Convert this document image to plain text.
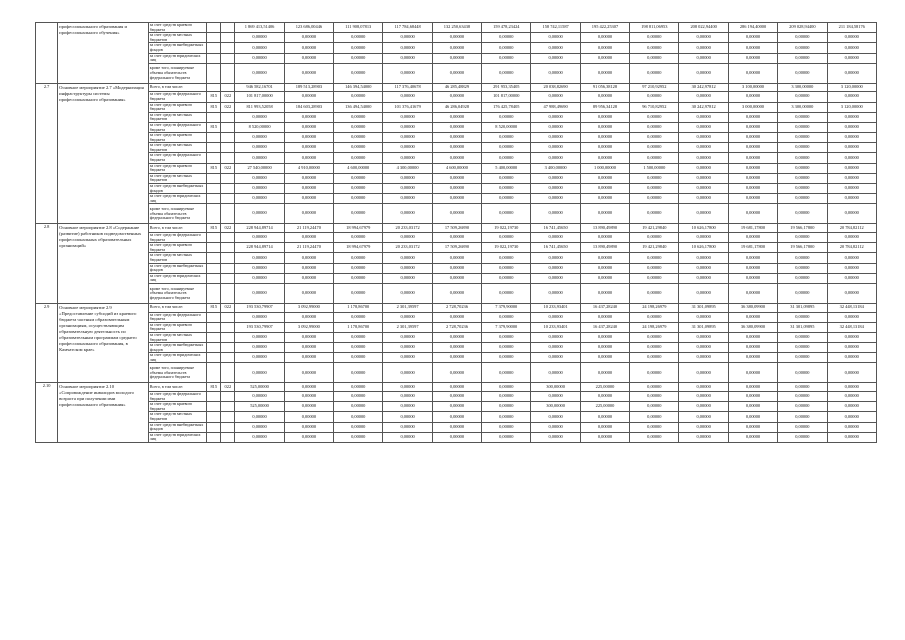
	профессионального образования и профессионального обучения»	за счет средств краевого бюджета			1 869 413,51406	123 686,00446	111 908,07813	117 784,68448	132 250,63438	159 478,23424	158 742,11587	195 422,25307	198 811,06953	208 022,94400	286 194,40000	209 028,94400	211 184,58176
		за счет средств местных бюджетов			0,00000	0,00000	0,00000	0,00000	0,00000	0,00000	0,00000	0,00000	0,00000	0,00000	0,00000	0,00000	0,00000
		за счет средств внебюджетных фондов			0,00000	0,00000	0,00000	0,00000	0,00000	0,00000	0,00000	0,00000	0,00000	0,00000	0,00000	0,00000	0,00000
		за счет средств юридических лиц			0,00000	0,00000	0,00000	0,00000	0,00000	0,00000	0,00000	0,00000	0,00000	0,00000	0,00000	0,00000	0,00000
		кроме того, планируемые объемы обязательств федерального бюджета			0,00000	0,00000	0,00000	0,00000	0,00000	0,00000	0,00000	0,00000	0,00000	0,00000	0,00000	0,00000	0,00000
2.7	Основное мероприятие 2.7 «Модернизация инфраструктуры системы профессионального образования»	Всего, в том числе:			946 582,16701	189 513,28903	146 394,54000	117 376,40678	46 285,48829	291 953,35405	20 038,82690	91 056,38128	97 210,92952	30 242,97812	3 100,00000	3 300,00000	3 120,00000
		за счет средств федерального бюджета	815	022	101 817,00000	0,00000	0,00000	0,00000	0,00000	101 817,00000	0,00000	0,00000	0,00000	0,00000	0,00000	0,00000	0,00000
		за счет средств краевого бюджета	815	022	811 993,52058	184 603,28903	136 494,54000	101 376,41679	46 286,04928	176 425,78405	47 988,49690	89 956,34128	96 710,82952	30 242,97812	3 000,00000	3 300,00000	3 120,00000
		за счет средств местных бюджетов			0,00000	0,00000	0,00000	0,00000	0,00000	0,00000	0,00000	0,00000	0,00000	0,00000	0,00000	0,00000	0,00000
		за счет средств федерального бюджета	815		8 520,00000	0,00000	0,00000	0,00000	0,00000	8 520,00000	0,00000	0,00000	0,00000	0,00000	0,00000	0,00000	0,00000
		за счет средств краевого бюджета			0,00000	0,00000	0,00000	0,00000	0,00000	0,00000	0,00000	0,00000	0,00000	0,00000	0,00000	0,00000	0,00000
		за счет средств местных бюджетов			0,00000	0,00000	0,00000	0,00000	0,00000	0,00000	0,00000	0,00000	0,00000	0,00000	0,00000	0,00000	0,00000
		за счет средств федерального бюджета			0,00000	0,00000	0,00000	0,00000	0,00000	0,00000	0,00000	0,00000	0,00000	0,00000	0,00000	0,00000	0,00000
		за счет средств краевого бюджета	815	022	27 540,00000	4 910,00000	4 600,00000	4 300,00000	4 600,00000	5 400,00000	3 400,00000	1 000,00000	1 500,00000	0,00000	0,00000	0,00000	0,00000
		за счет средств местных бюджетов			0,00000	0,00000	0,00000	0,00000	0,00000	0,00000	0,00000	0,00000	0,00000	0,00000	0,00000	0,00000	0,00000
		за счет средств внебюджетных фондов			0,00000	0,00000	0,00000	0,00000	0,00000	0,00000	0,00000	0,00000	0,00000	0,00000	0,00000	0,00000	0,00000
		за счет средств юридических лиц			0,00000	0,00000	0,00000	0,00000	0,00000	0,00000	0,00000	0,00000	0,00000	0,00000	0,00000	0,00000	0,00000
		кроме того, планируемые объемы обязательств федерального бюджета			0,00000	0,00000	0,00000	0,00000	0,00000	0,00000	0,00000	0,00000	0,00000	0,00000	0,00000	0,00000	0,00000
2.8	Основное мероприятие 2.8 «Содержание (развитие) работников подведомственных профессиональных образовательных организаций»	Всего, в том числе:	815	022	228 944,89714	21 119,24470	18 994,67979	20 233,03172	17 509,26890	19 022,19730	16 741,45650	13 890,49890	19 421,29840	10 626,17800	19 681,17800	19 566,17800	20 784,82112
		за счет средств федерального бюджета			0,00000	0,00000	0,00000	0,00000	0,00000	0,00000	0,00000	0,00000	0,00000	0,00000	0,00000	0,00000	0,00000
		за счет средств краевого бюджета			228 944,89714	21 119,24470	18 994,67979	20 233,03172	17 509,26890	19 022,19730	16 741,45650	13 890,49890	19 421,29840	10 626,17800	19 681,17800	19 566,17800	20 784,82112
		за счет средств местных бюджетов			0,00000	0,00000	0,00000	0,00000	0,00000	0,00000	0,00000	0,00000	0,00000	0,00000	0,00000	0,00000	0,00000
		за счет средств внебюджетных фондов			0,00000	0,00000	0,00000	0,00000	0,00000	0,00000	0,00000	0,00000	0,00000	0,00000	0,00000	0,00000	0,00000
		за счет средств юридических лиц			0,00000	0,00000	0,00000	0,00000	0,00000	0,00000	0,00000	0,00000	0,00000	0,00000	0,00000	0,00000	0,00000
		кроме того, планируемые объемы обязательств федерального бюджета			0,00000	0,00000	0,00000	0,00000	0,00000	0,00000	0,00000	0,00000	0,00000	0,00000	0,00000	0,00000	0,00000
2.9	Основное мероприятие 2.9 «Предоставление субсидий из краевого бюджета частным образовательным организациям, осуществляющим образовательную деятельность по образовательным программам среднего профессионального образования, в Камчатском крае»	Всего, в том числе:	815	022	193 530,79907	3 092,99000	1 178,86700	2 301,39597	2 728,70236	7 379,90000	10 233,93401	16 437,28240	24 198,26979	31 301,09895	36 380,09900	31 301,09895	32 448,13184
		за счет средств федерального бюджета			0,00000	0,00000	0,00000	0,00000	0,00000	0,00000	0,00000	0,00000	0,00000	0,00000	0,00000	0,00000	0,00000
		за счет средств краевого бюджета			193 530,79907	3 092,99000	1 178,86700	2 301,39597	2 728,70236	7 379,90000	10 233,93401	16 437,28240	24 198,26979	31 301,09895	36 380,09900	31 301,09895	32 448,13184
		за счет средств местных бюджетов			0,00000	0,00000	0,00000	0,00000	0,00000	0,00000	0,00000	0,00000	0,00000	0,00000	0,00000	0,00000	0,00000
		за счет средств внебюджетных фондов			0,00000	0,00000	0,00000	0,00000	0,00000	0,00000	0,00000	0,00000	0,00000	0,00000	0,00000	0,00000	0,00000
		за счет средств юридических лиц			0,00000	0,00000	0,00000	0,00000	0,00000	0,00000	0,00000	0,00000	0,00000	0,00000	0,00000	0,00000	0,00000
		кроме того, планируемые объемы обязательств федерального бюджета			0,00000	0,00000	0,00000	0,00000	0,00000	0,00000	0,00000	0,00000	0,00000	0,00000	0,00000	0,00000	0,00000
2.10	Основное мероприятие 2.10 «Сопровождение инвалидов молодого возраста при получении ими профессионального образования»	Всего, в том числе:	815	022	525,00000	0,00000	0,00000	0,00000	0,00000	0,00000	300,00000	225,00000	0,00000	0,00000	0,00000	0,00000	0,00000
		за счет средств федерального бюджета			0,00000	0,00000	0,00000	0,00000	0,00000	0,00000	0,00000	0,00000	0,00000	0,00000	0,00000	0,00000	0,00000
		за счет средств краевого бюджета			525,00000	0,00000	0,00000	0,00000	0,00000	0,00000	300,00000	225,00000	0,00000	0,00000	0,00000	0,00000	0,00000
		за счет средств местных бюджетов			0,00000	0,00000	0,00000	0,00000	0,00000	0,00000	0,00000	0,00000	0,00000	0,00000	0,00000	0,00000	0,00000
		за счет средств внебюджетных фондов			0,00000	0,00000	0,00000	0,00000	0,00000	0,00000	0,00000	0,00000	0,00000	0,00000	0,00000	0,00000	0,00000
		за счет средств юридических лиц			0,00000	0,00000	0,00000	0,00000	0,00000	0,00000	0,00000	0,00000	0,00000	0,00000	0,00000	0,00000	0,00000
